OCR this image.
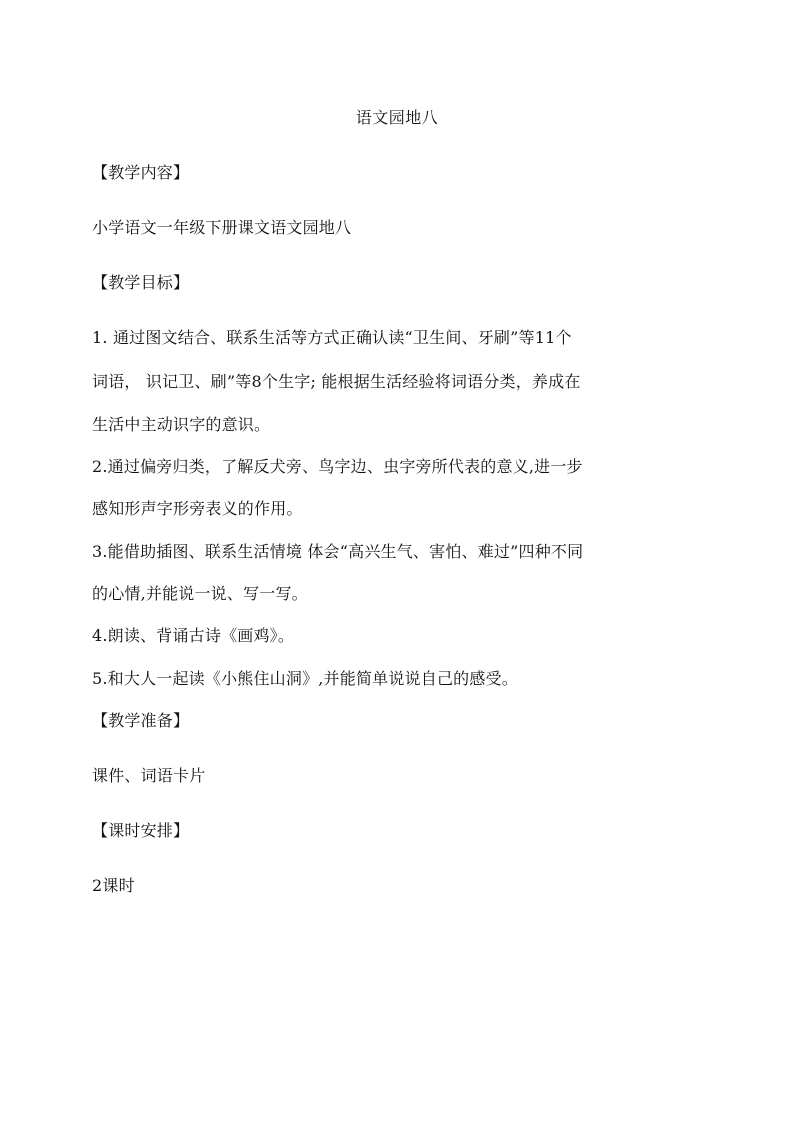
语文园地八
【教学内容】
小学语文一年级下册课文语文园地八
【教学目标】
1. 通过图文结合、联系生活等方式正确认读“卫生间、牙刷”等11个
词语， 识记卫、刷”等8个生字; 能根据生活经验将词语分类，养成在
生活中主动识字的意识。
2.通过偏旁归类，了解反犬旁、鸟字边、虫字旁所代表的意义,进一步
感知形声字形旁表义的作用。
3.能借助插图、联系生活情境 体会“高兴生气、害怕、难过”四种不同
的心情,并能说一说、写一写。
4.朗读、背诵古诗《画鸡》。
5.和大人一起读《小熊住山洞》,并能简单说说自己的感受。
【教学准备】
课件、词语卡片
【课时安排】
2课时
